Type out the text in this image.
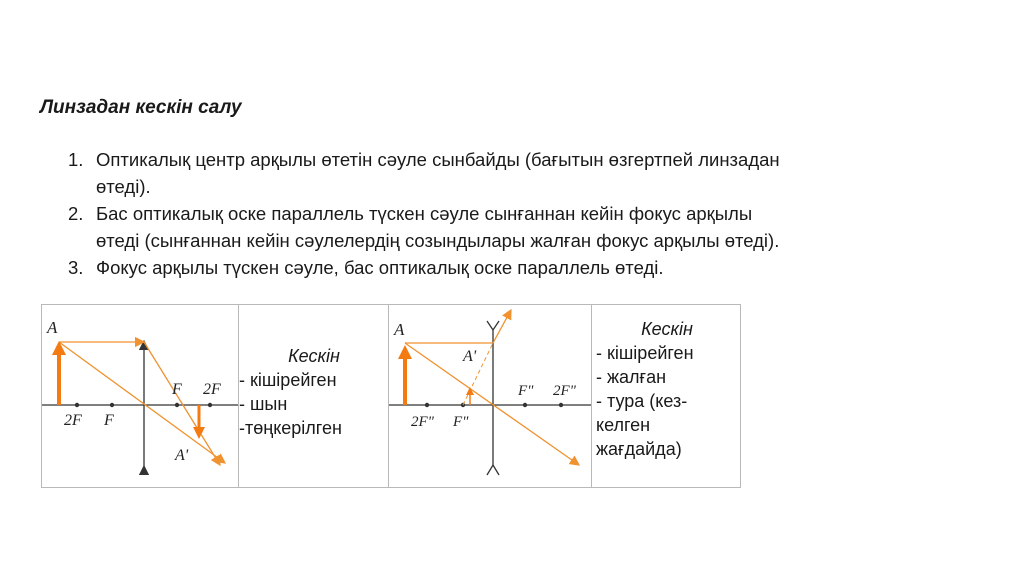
Линзадан кескін салу
1. Оптикалық центр арқылы өтетін сәуле сынбайды (бағытын өзгертпей линзадан
өтеді).
2. Бас оптикалық оске параллель түскен сәуле сынғаннан кейін фокус арқылы
өтеді (сынғаннан кейін сәулелердің созындылары жалған фокус арқылы өтеді).
3. Фокус арқылы түскен сәуле, бас оптикалық оске параллель өтеді.
A
A'
F 2F
2F F
Кескін
- кішірейген
- шын
-төңкерілген
A
A'
F" 2F"
2F" F"
Кескін
- кішірейген
- жалған
- тура (кез-
келген
жағдайда)
